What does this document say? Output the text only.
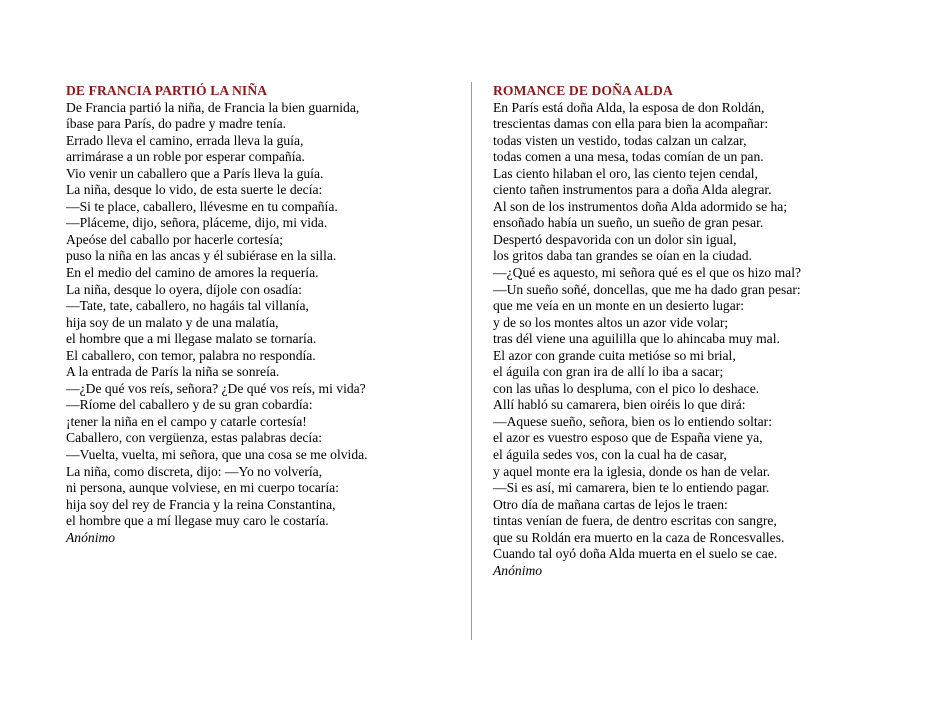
DE FRANCIA PARTIÓ LA NIÑA
De Francia partió la niña, de Francia la bien guarnida,
íbase para París, do padre y madre tenía.
Errado lleva el camino, errada lleva la guía,
arrimárase a un roble por esperar compañía.
Vio venir un caballero que a París lleva la guía.
La niña, desque lo vido, de esta suerte le decía:
—Si te place, caballero, llévesme en tu compañía.
—Pláceme, dijo, señora, pláceme, dijo, mi vida.
Apeóse del caballo por hacerle cortesía;
puso la niña en las ancas y él subiérase en la silla.
En el medio del camino de amores la requería.
La niña, desque lo oyera, díjole con osadía:
—Tate, tate, caballero, no hagáis tal villanía,
hija soy de un malato y de una malatía,
el hombre que a mi llegase malato se tornaría.
El caballero, con temor, palabra no respondía.
A la entrada de París la niña se sonreía.
—¿De qué vos reís, señora? ¿De qué vos reís, mi vida?
—Ríome del caballero y de su gran cobardía:
¡tener la niña en el campo y catarle cortesía!
Caballero, con vergüenza, estas palabras decía:
—Vuelta, vuelta, mi señora, que una cosa se me olvida.
La niña, como discreta, dijo: —Yo no volvería,
ni persona, aunque volviese, en mi cuerpo tocaría:
hija soy del rey de Francia y la reina Constantina,
el hombre que a mí llegase muy caro le costaría.
Anónimo
ROMANCE DE DOÑA ALDA
En París está doña Alda, la esposa de don Roldán,
trescientas damas con ella para bien la acompañar:
todas visten un vestido, todas calzan un calzar,
todas comen a una mesa, todas comían de un pan.
Las ciento hilaban el oro, las ciento tejen cendal,
ciento tañen instrumentos para a doña Alda alegrar.
Al son de los instrumentos doña Alda adormido se ha;
ensoñado había un sueño, un sueño de gran pesar.
Despertó despavorida con un dolor sin igual,
los gritos daba tan grandes se oían en la ciudad.
—¿Qué es aquesto, mi señora qué es el que os hizo mal?
—Un sueño soñé, doncellas, que me ha dado gran pesar:
que me veía en un monte en un desierto lugar:
y de so los montes altos un azor vide volar;
tras dél viene una aguililla que lo ahincaba muy mal.
El azor con grande cuita metióse so mi brial,
el águila con gran ira de allí lo iba a sacar;
con las uñas lo despluma, con el pico lo deshace.
Allí habló su camarera, bien oiréis lo que dirá:
—Aquese sueño, señora, bien os lo entiendo soltar:
el azor es vuestro esposo que de España viene ya,
el águila sedes vos, con la cual ha de casar,
y aquel monte era la iglesia, donde os han de velar.
—Si es así, mi camarera, bien te lo entiendo pagar.
Otro día de mañana cartas de lejos le traen:
tintas venían de fuera, de dentro escritas con sangre,
que su Roldán era muerto en la caza de Roncesvalles.
Cuando tal oyó doña Alda muerta en el suelo se cae.
Anónimo
